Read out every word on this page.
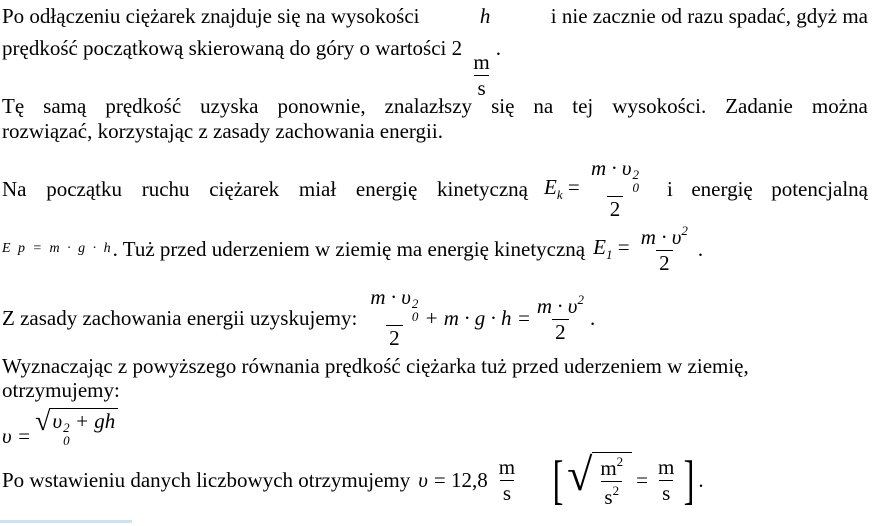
Po odłączeniu ciężarek znajduje się na wysokości	h	i nie zacznie od razu spadać, gdyż ma
prędkość początkową skierowaną do góry o wartości 2
$\frac{m}{s}$
.
Tę samą prędkość uzyska ponownie, znalazłszy się na tej wysokości. Zadanie można
rozwiązać, korzystając z zasady zachowania energii.
Na początku ruchu ciężarek miał energię kinetyczną $E_k = m \cdot \upsilon$ 2
0
2 i energię potencjalną
E p = m · g · h . Tuż przed uderzeniem w ziemię ma energię kinetyczną $E_1 = \frac{m \cdot \upsilon^2}{2}$ .
Z zasady zachowania energii uzyskujemy: m · υ 2
0
$2 + m \cdot g \cdot h = \frac{m \cdot \upsilon^2}{2}$ .
Wyznaczając z powyższego równania prędkość ciężarka tuż przed uderzeniem w ziemię,
otrzymujemy:
υ = √ υ 2
0
+ gh
Po wstawieniu danych liczbowych otrzymujemy $\upsilon = 12,8 \frac{m}{s}$ [ √ $\frac{m^2}{s^2} = \frac{m}{s}$ ] .
